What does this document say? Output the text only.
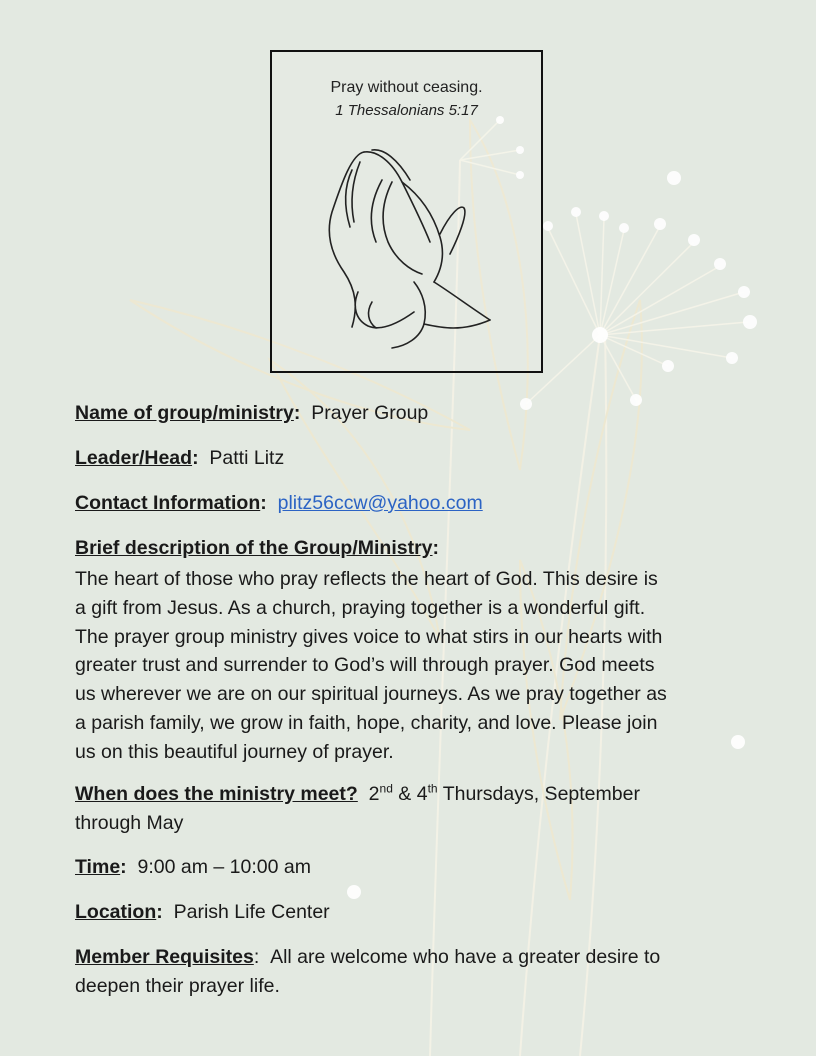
Pray without ceasing.
1 Thessalonians 5:17
Name of group/ministry: Prayer Group
Leader/Head: Patti Litz
Contact Information: plitz56ccw@yahoo.com
Brief description of the Group/Ministry:
The heart of those who pray reflects the heart of God. This desire is
a gift from Jesus. As a church, praying together is a wonderful gift.
The prayer group ministry gives voice to what stirs in our hearts with
greater trust and surrender to God’s will through prayer. God meets
us wherever we are on our spiritual journeys. As we pray together as
a parish family, we grow in faith, hope, charity, and love. Please join
us on this beautiful journey of prayer.
When does the ministry meet? 2nd & 4th Thursdays, September
through May
Time: 9:00 am – 10:00 am
Location: Parish Life Center
Member Requisites:  All are welcome who have a greater desire to
deepen their prayer life.
